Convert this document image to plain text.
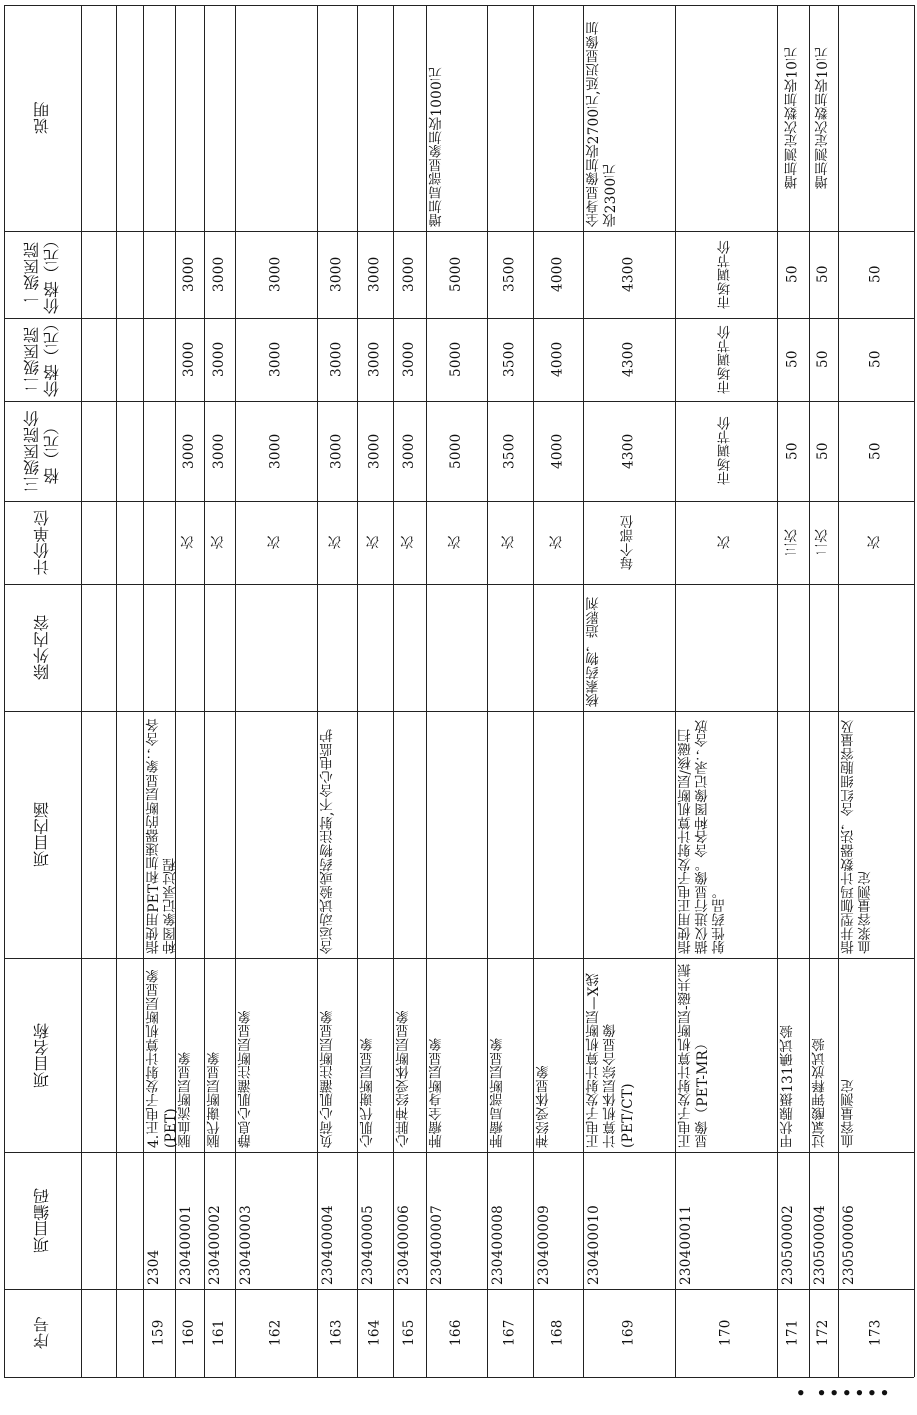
说明
一级医院价格（元）
二级医院价格（元）
三级医院价格（元）
计价单位
除外内容
项目内涵
项目名称
项目编码
序号
指使用PET和加速器的断层显象；含各种图象记录过程
4.正电子发射计算机断层显象(PET)
2304
159
3000
3000
3000
次
脑血流断层显象
230400001
160
3000
3000
3000
次
脑代谢断层显象
230400002
161
3000
3000
3000
次
静息心肌灌注断层显象
230400003
162
3000
3000
3000
次
含运动试验或药物注射,不含心电监护
负荷心肌灌注断层显象
230400004
163
3000
3000
3000
次
心肌代谢断层显象
230400005
164
3000
3000
3000
次
心脏神经受体断层显象
230400006
165
增加局部显象加收1000元
5000
5000
5000
次
肿瘤全身断层显象
230400007
166
3500
3500
3500
次
肿瘤局部断层显象
230400008
167
4000
4000
4000
次
神经受体显象
230400009
168
全身显像加收2700元,延迟显像加收2300元
4300
4300
4300
每个部位
核素药物，造影剂
正电子发射计算机断层—X线计算机体层综合显像(PET/CT)
230400010
169
市场调节价
市场调节价
市场调节价
次
指使用正电子发射计算机断层/核磁扫描仪进行显像。含各种图像记录；含放射性药品。
正电子发射计算机断层-磁共振显像（PET-MR）
230400011
170
增加测定次数加收10元
50
50
50
三次
甲状腺摄131碘试验
230500002
171
增加测定次数加收10元
50
50
50
二次
过氯酸钾释放试验
230500004
172
50
50
50
次
指井型伽玛计数器法，含红细胞容量及血浆容量测定
血容量测定
230500006
173
• ••••••
